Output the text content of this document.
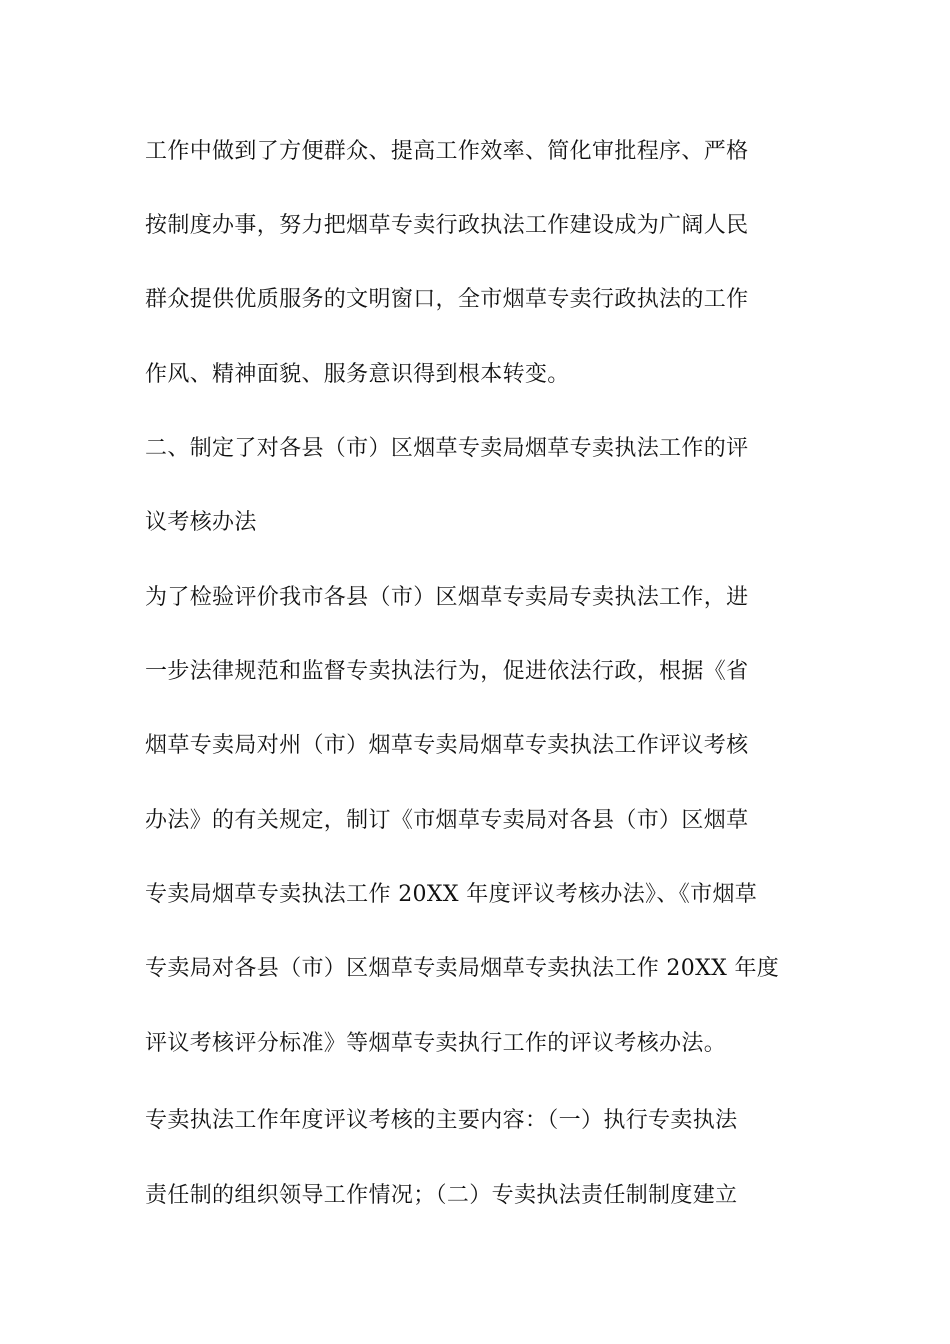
工作中做到了方便群众、提高工作效率、简化审批程序、严格
按制度办事，努力把烟草专卖行政执法工作建设成为广阔人民
群众提供优质服务的文明窗口，全市烟草专卖行政执法的工作
作风、精神面貌、服务意识得到根本转变。
二、制定了对各县（市）区烟草专卖局烟草专卖执法工作的评
议考核办法
为了检验评价我市各县（市）区烟草专卖局专卖执法工作，进
一步法律规范和监督专卖执法行为，促进依法行政，根据《省
烟草专卖局对州（市）烟草专卖局烟草专卖执法工作评议考核
办法》的有关规定，制订《市烟草专卖局对各县（市）区烟草
专卖局烟草专卖执法工作 20XX 年度评议考核办法》、《市烟草
专卖局对各县（市）区烟草专卖局烟草专卖执法工作 20XX 年度
评议考核评分标准》等烟草专卖执行工作的评议考核办法。
专卖执法工作年度评议考核的主要内容：（一）执行专卖执法
责任制的组织领导工作情况；（二）专卖执法责任制制度建立
